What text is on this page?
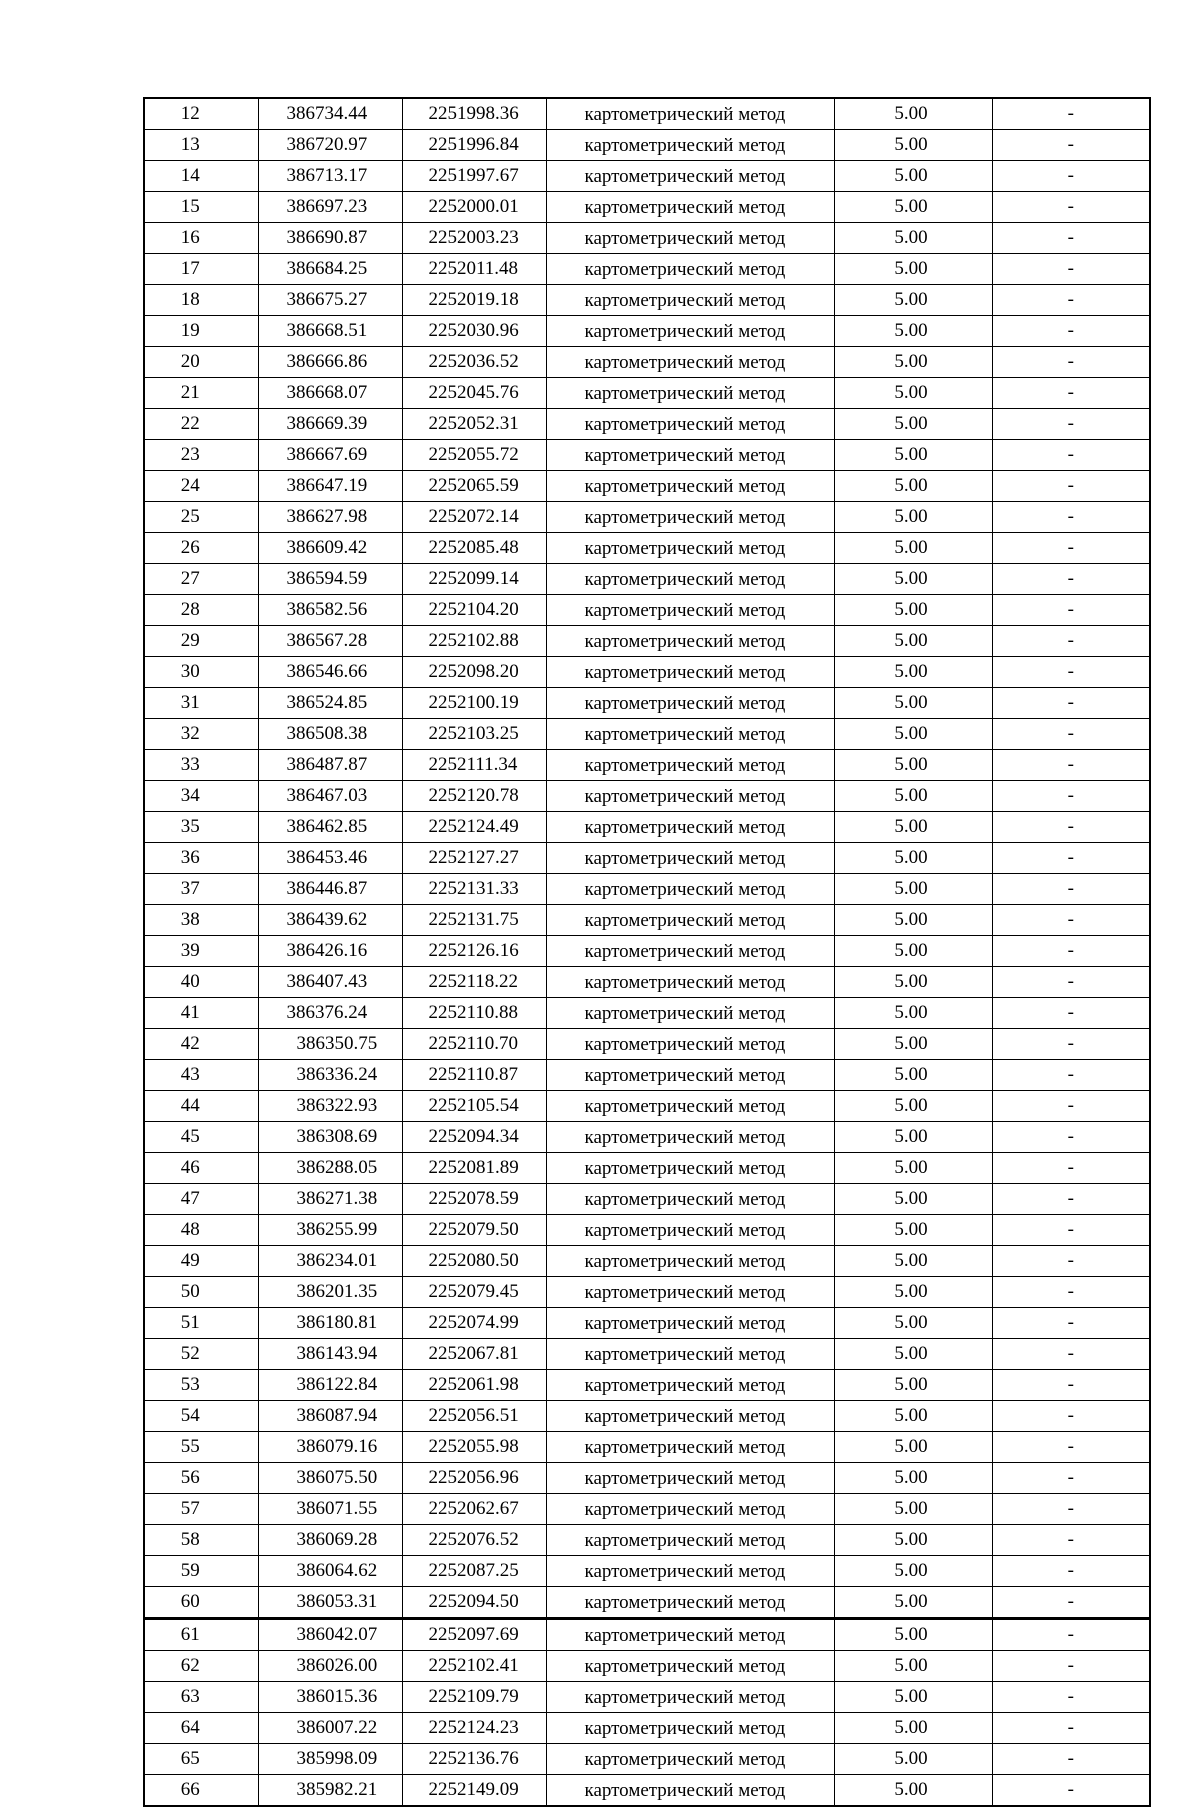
12	386734.44	2251998.36	картометрический метод	5.00	-
13	386720.97	2251996.84	картометрический метод	5.00	-
14	386713.17	2251997.67	картометрический метод	5.00	-
15	386697.23	2252000.01	картометрический метод	5.00	-
16	386690.87	2252003.23	картометрический метод	5.00	-
17	386684.25	2252011.48	картометрический метод	5.00	-
18	386675.27	2252019.18	картометрический метод	5.00	-
19	386668.51	2252030.96	картометрический метод	5.00	-
20	386666.86	2252036.52	картометрический метод	5.00	-
21	386668.07	2252045.76	картометрический метод	5.00	-
22	386669.39	2252052.31	картометрический метод	5.00	-
23	386667.69	2252055.72	картометрический метод	5.00	-
24	386647.19	2252065.59	картометрический метод	5.00	-
25	386627.98	2252072.14	картометрический метод	5.00	-
26	386609.42	2252085.48	картометрический метод	5.00	-
27	386594.59	2252099.14	картометрический метод	5.00	-
28	386582.56	2252104.20	картометрический метод	5.00	-
29	386567.28	2252102.88	картометрический метод	5.00	-
30	386546.66	2252098.20	картометрический метод	5.00	-
31	386524.85	2252100.19	картометрический метод	5.00	-
32	386508.38	2252103.25	картометрический метод	5.00	-
33	386487.87	2252111.34	картометрический метод	5.00	-
34	386467.03	2252120.78	картометрический метод	5.00	-
35	386462.85	2252124.49	картометрический метод	5.00	-
36	386453.46	2252127.27	картометрический метод	5.00	-
37	386446.87	2252131.33	картометрический метод	5.00	-
38	386439.62	2252131.75	картометрический метод	5.00	-
39	386426.16	2252126.16	картометрический метод	5.00	-
40	386407.43	2252118.22	картометрический метод	5.00	-
41	386376.24	2252110.88	картометрический метод	5.00	-
42	386350.75	2252110.70	картометрический метод	5.00	-
43	386336.24	2252110.87	картометрический метод	5.00	-
44	386322.93	2252105.54	картометрический метод	5.00	-
45	386308.69	2252094.34	картометрический метод	5.00	-
46	386288.05	2252081.89	картометрический метод	5.00	-
47	386271.38	2252078.59	картометрический метод	5.00	-
48	386255.99	2252079.50	картометрический метод	5.00	-
49	386234.01	2252080.50	картометрический метод	5.00	-
50	386201.35	2252079.45	картометрический метод	5.00	-
51	386180.81	2252074.99	картометрический метод	5.00	-
52	386143.94	2252067.81	картометрический метод	5.00	-
53	386122.84	2252061.98	картометрический метод	5.00	-
54	386087.94	2252056.51	картометрический метод	5.00	-
55	386079.16	2252055.98	картометрический метод	5.00	-
56	386075.50	2252056.96	картометрический метод	5.00	-
57	386071.55	2252062.67	картометрический метод	5.00	-
58	386069.28	2252076.52	картометрический метод	5.00	-
59	386064.62	2252087.25	картометрический метод	5.00	-
60	386053.31	2252094.50	картометрический метод	5.00	-
61	386042.07	2252097.69	картометрический метод	5.00	-
62	386026.00	2252102.41	картометрический метод	5.00	-
63	386015.36	2252109.79	картометрический метод	5.00	-
64	386007.22	2252124.23	картометрический метод	5.00	-
65	385998.09	2252136.76	картометрический метод	5.00	-
66	385982.21	2252149.09	картометрический метод	5.00	-
